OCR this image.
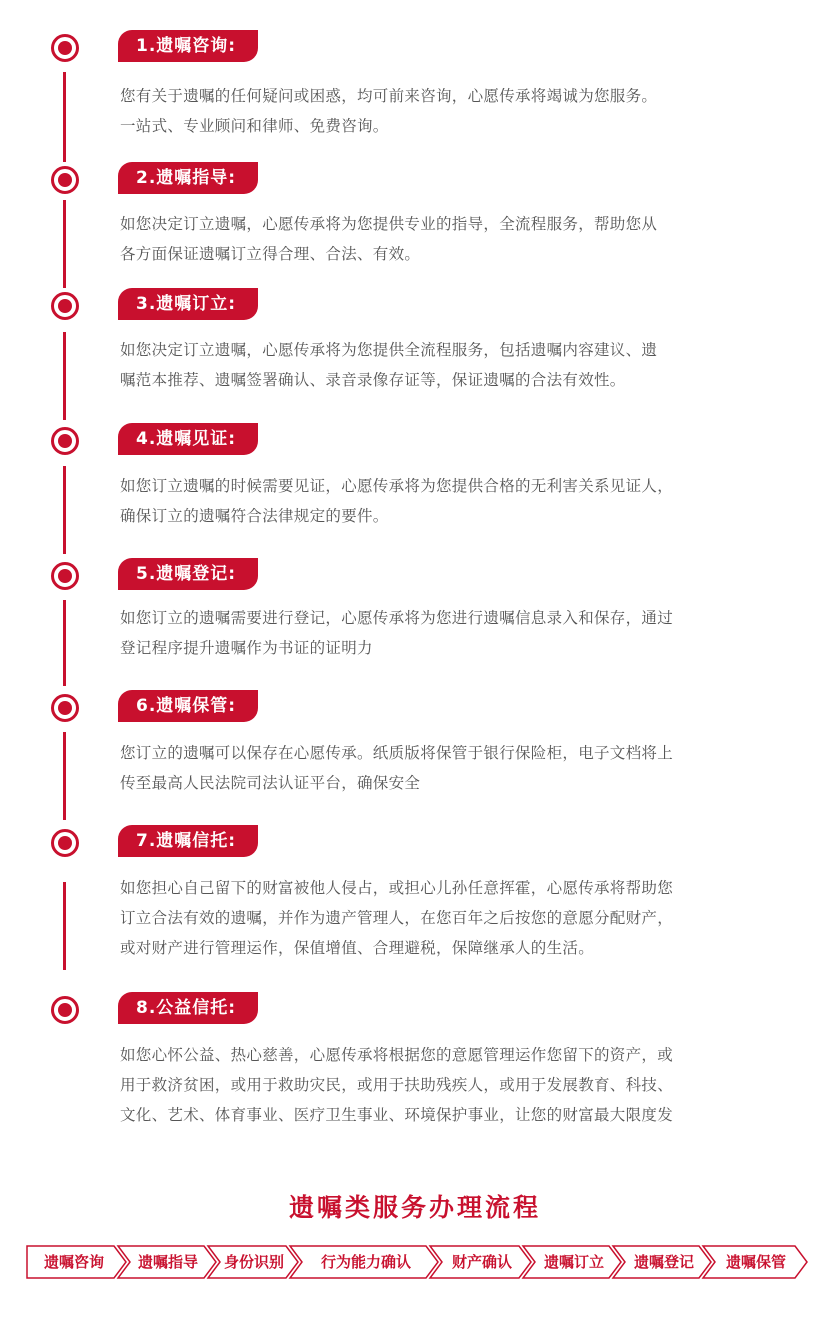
1.遗嘱咨询:

您有关于遗嘱的任何疑问或困惑，均可前来咨询，心愿传承将竭诚为您服务。

一站式、专业顾问和律师、免费咨询。

2.遗嘱指导:

如您决定订立遗嘱，心愿传承将为您提供专业的指导，全流程服务，帮助您从

各方面保证遗嘱订立得合理、合法、有效。

3.遗嘱订立:

如您决定订立遗嘱，心愿传承将为您提供全流程服务，包括遗嘱内容建议、遗

嘱范本推荐、遗嘱签署确认、录音录像存证等，保证遗嘱的合法有效性。

4.遗嘱见证:

如您订立遗嘱的时候需要见证，心愿传承将为您提供合格的无利害关系见证人，

确保订立的遗嘱符合法律规定的要件。

5.遗嘱登记:

如您订立的遗嘱需要进行登记，心愿传承将为您进行遗嘱信息录入和保存，通过

登记程序提升遗嘱作为书证的证明力

6.遗嘱保管:

您订立的遗嘱可以保存在心愿传承。纸质版将保管于银行保险柜，电子文档将上

传至最高人民法院司法认证平台，确保安全

7.遗嘱信托:

如您担心自己留下的财富被他人侵占，或担心儿孙任意挥霍，心愿传承将帮助您

订立合法有效的遗嘱，并作为遗产管理人，在您百年之后按您的意愿分配财产，

或对财产进行管理运作，保值增值、合理避税，保障继承人的生活。

8.公益信托:

如您心怀公益、热心慈善，心愿传承将根据您的意愿管理运作您留下的资产，或

用于救济贫困，或用于救助灾民，或用于扶助残疾人，或用于发展教育、科技、

文化、艺术、体育事业、医疗卫生事业、环境保护事业，让您的财富最大限度发

遗嘱类服务办理流程
遗嘱咨询	遗嘱指导	身份识别	行为能力确认	财产确认	遗嘱订立	遗嘱登记	遗嘱保管
